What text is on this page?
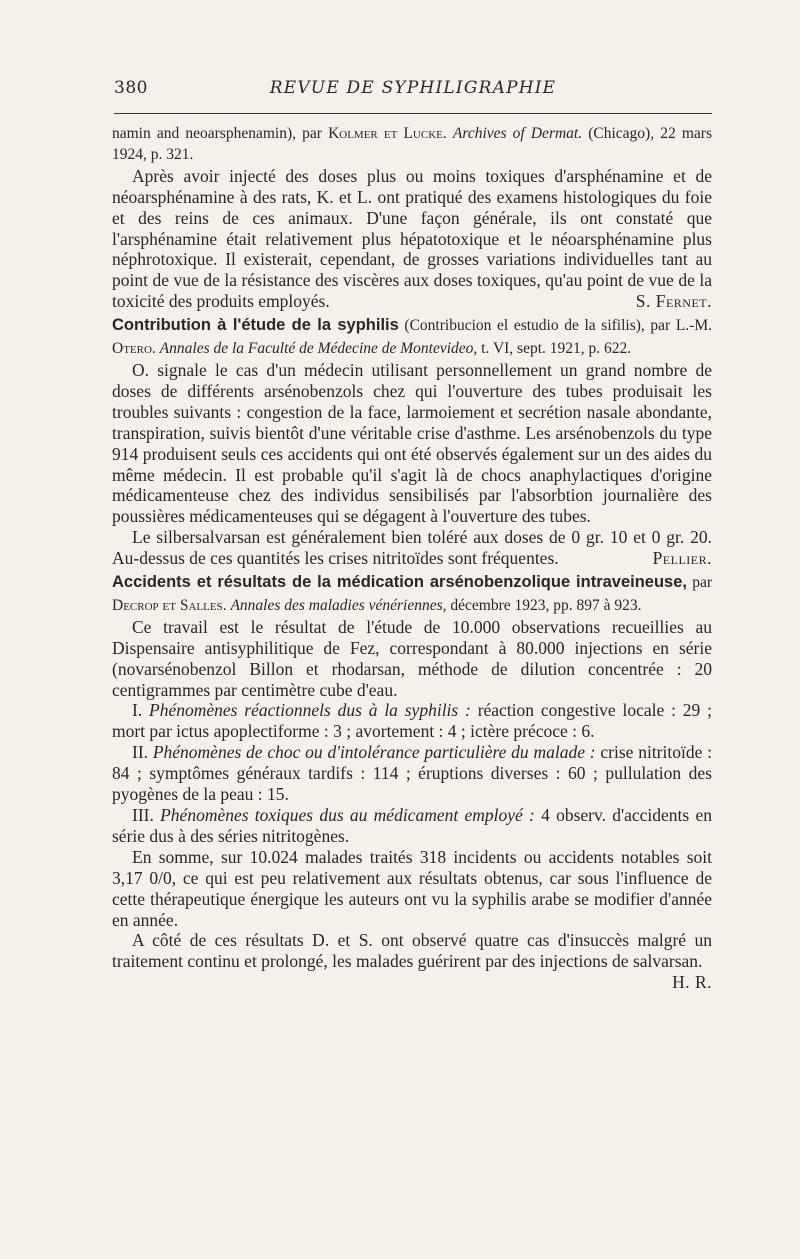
380	REVUE DE SYPHILIGRAPHIE

namin and neoarsphenamin), par Kolmer et Lucke. Archives of Dermat. (Chicago), 22 mars 1924, p. 321.

Après avoir injecté des doses plus ou moins toxiques d'arsphénamine et de néoarsphénamine à des rats, K. et L. ont pratiqué des examens histologiques du foie et des reins de ces animaux. D'une façon générale, ils ont constaté que l'arsphénamine était relativement plus hépatotoxique et le néoarsphénamine plus néphrotoxique. Il existerait, cependant, de grosses variations individuelles tant au point de vue de la résistance des viscères aux doses toxiques, qu'au point de vue de la toxicité des produits employés.	S. Fernet.

Contribution à l'étude de la syphilis (Contribucion el estudio de la sifilis), par L.-M. Otero. Annales de la Faculté de Médecine de Montevideo, t. VI, sept. 1921, p. 622.

O. signale le cas d'un médecin utilisant personnellement un grand nombre de doses de différents arsénobenzols chez qui l'ouverture des tubes produisait les troubles suivants : congestion de la face, larmoiement et secrétion nasale abondante, transpiration, suivis bientôt d'une véritable crise d'asthme. Les arsénobenzols du type 914 produisent seuls ces accidents qui ont été observés également sur un des aides du même médecin. Il est probable qu'il s'agit là de chocs anaphylactiques d'origine médicamenteuse chez des individus sensibilisés par l'absorbtion journalière des poussières médicamenteuses qui se dégagent à l'ouverture des tubes.

Le silbersalvarsan est généralement bien toléré aux doses de 0 gr. 10 et 0 gr. 20. Au-dessus de ces quantités les crises nitritoïdes sont fréquentes.	Pellier.

Accidents et résultats de la médication arsénobenzolique intraveineuse, par Decrop et Salles. Annales des maladies vénériennes, décembre 1923, pp. 897 à 923.

Ce travail est le résultat de l'étude de 10.000 observations recueillies au Dispensaire antisyphilitique de Fez, correspondant à 80.000 injections en série (novarsénobenzol Billon et rhodarsan, méthode de dilution concentrée : 20 centigrammes par centimètre cube d'eau.

I. Phénomènes réactionnels dus à la syphilis : réaction congestive locale : 29 ; mort par ictus apoplectiforme : 3 ; avortement : 4 ; ictère précoce : 6.

II. Phénomènes de choc ou d'intolérance particulière du malade : crise nitritoïde : 84 ; symptômes généraux tardifs : 114 ; éruptions diverses : 60 ; pullulation des pyogènes de la peau : 15.

III. Phénomènes toxiques dus au médicament employé : 4 observ. d'accidents en série dus à des séries nitritogènes.

En somme, sur 10.024 malades traités 318 incidents ou accidents notables soit 3,17 0/0, ce qui est peu relativement aux résultats obtenus, car sous l'influence de cette thérapeutique énergique les auteurs ont vu la syphilis arabe se modifier d'année en année.

A côté de ces résultats D. et S. ont observé quatre cas d'insuccès malgré un traitement continu et prolongé, les malades guérirent par des injections de salvarsan.
H. R.
